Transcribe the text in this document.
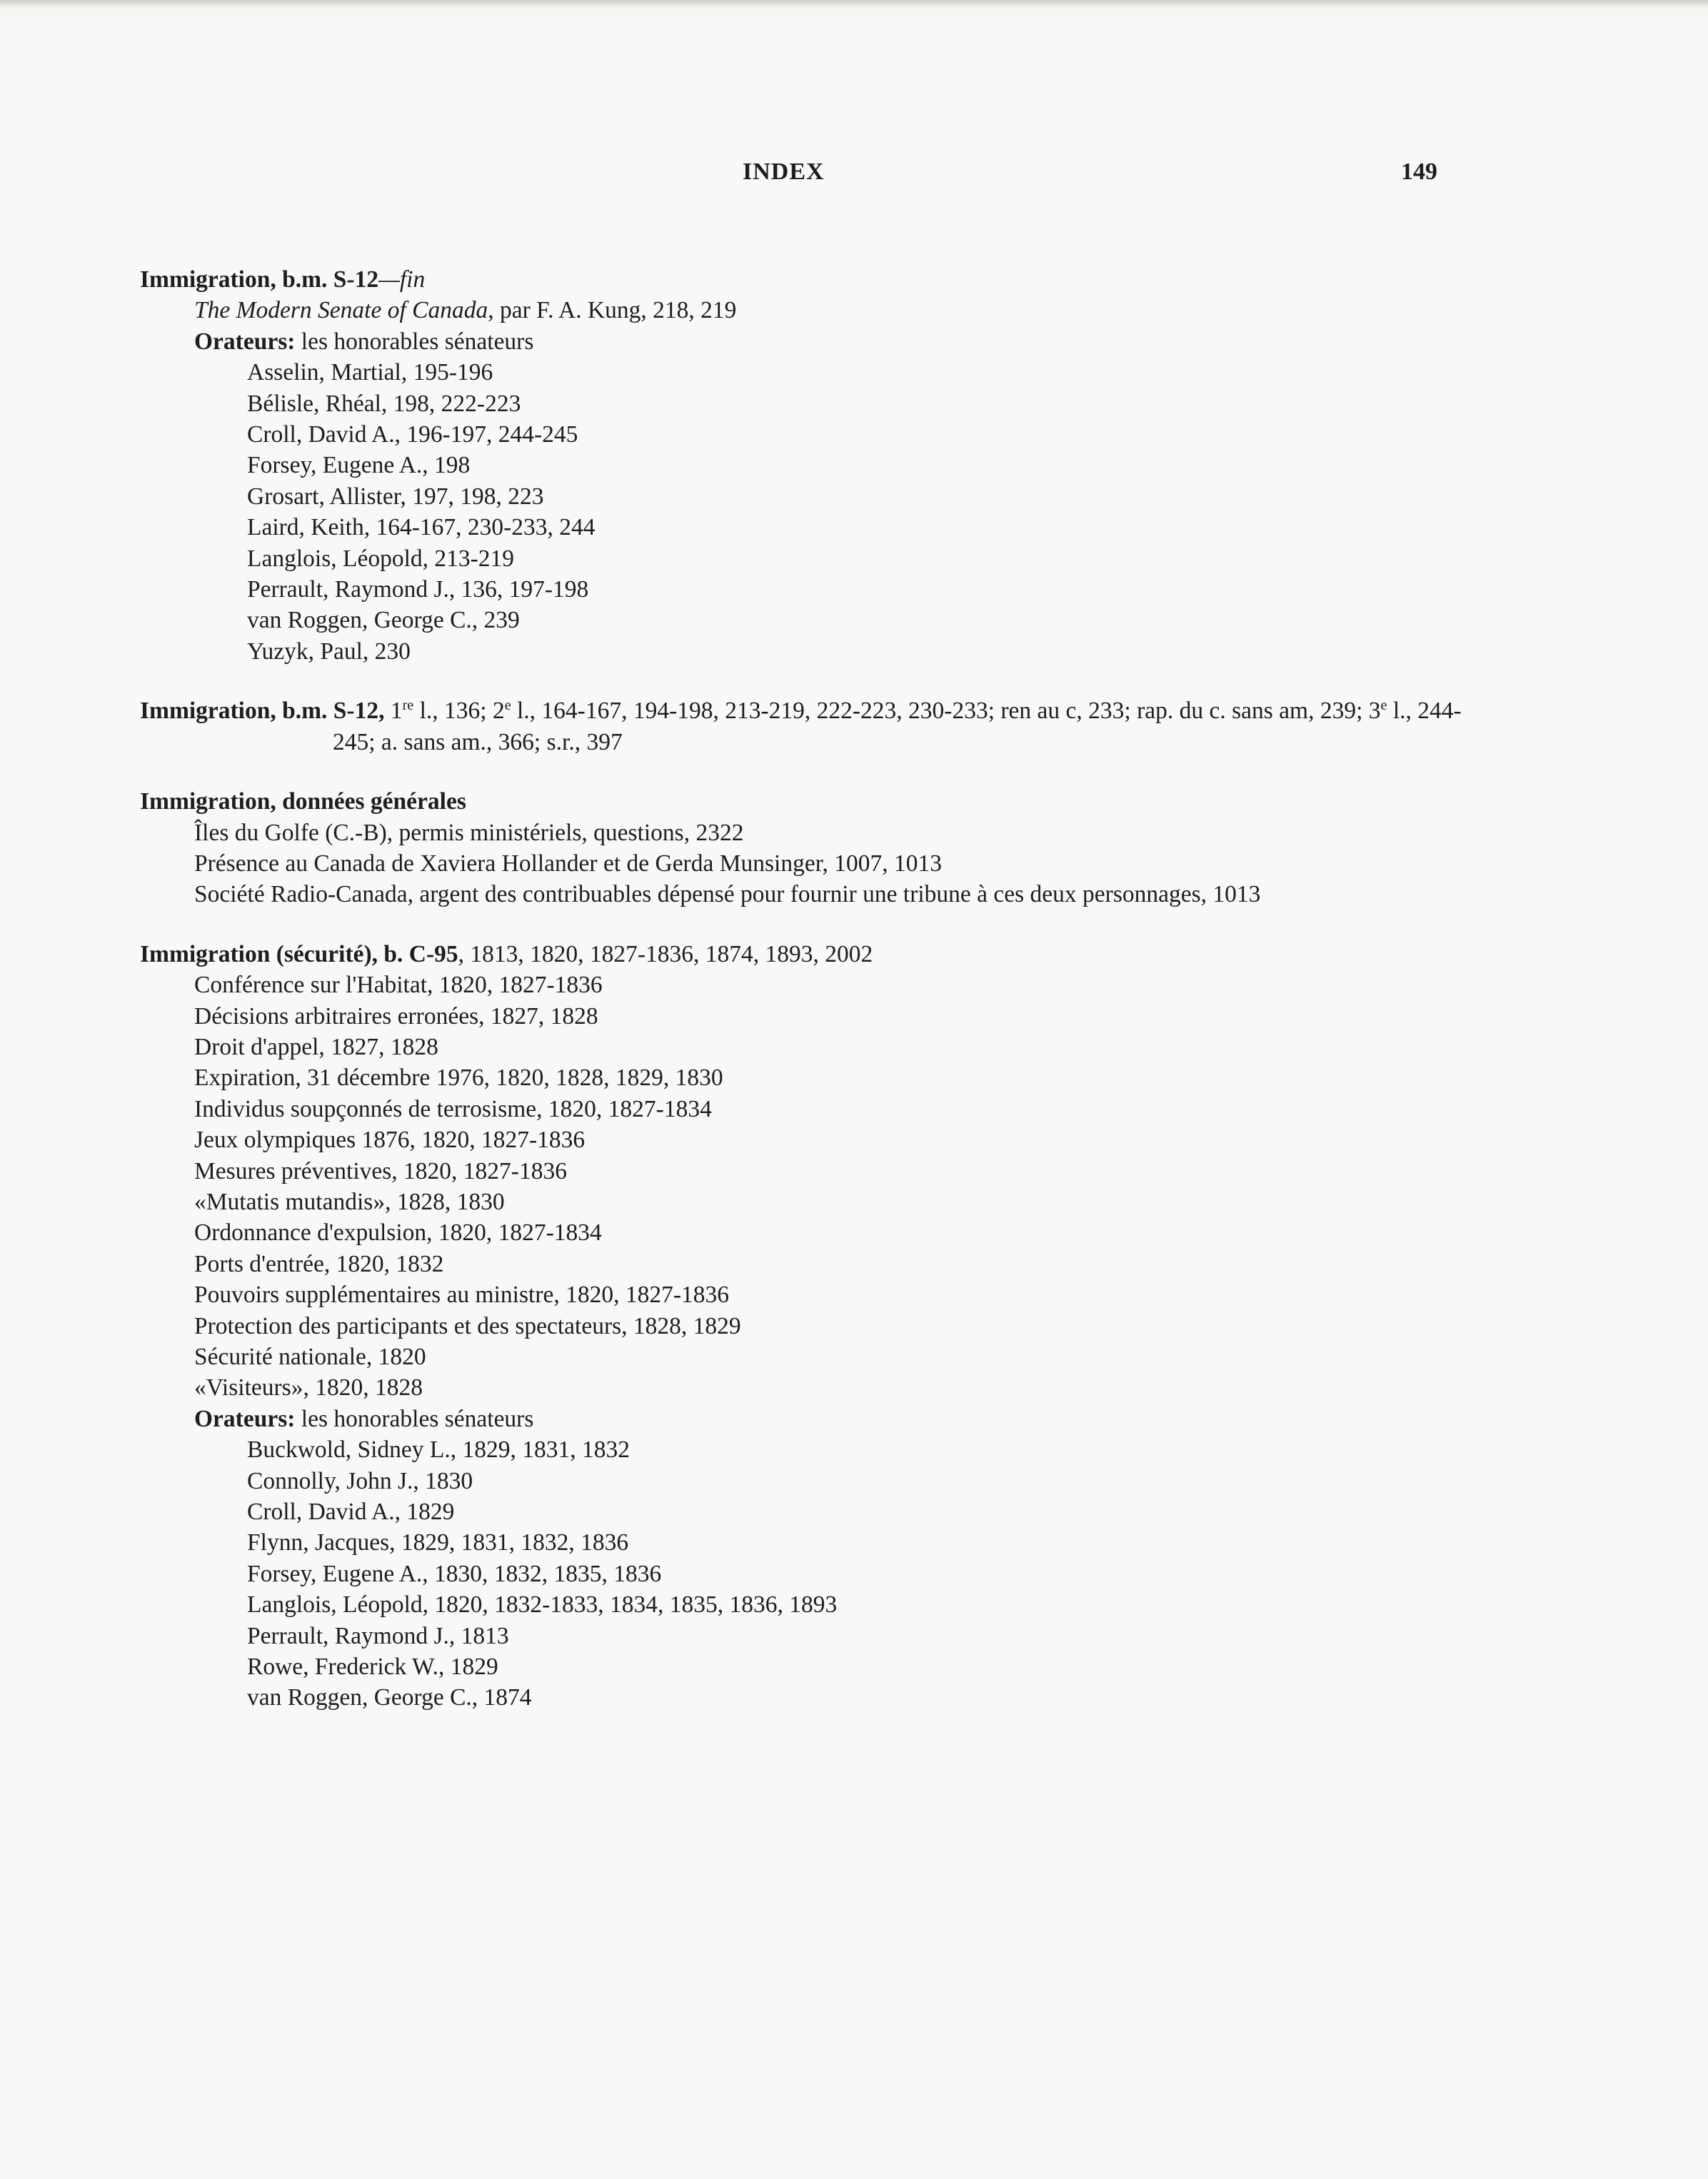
INDEX	149
Immigration, b.m. S-12—fin
The Modern Senate of Canada, par F. A. Kung, 218, 219
Orateurs: les honorables sénateurs
Asselin, Martial, 195-196
Bélisle, Rhéal, 198, 222-223
Croll, David A., 196-197, 244-245
Forsey, Eugene A., 198
Grosart, Allister, 197, 198, 223
Laird, Keith, 164-167, 230-233, 244
Langlois, Léopold, 213-219
Perrault, Raymond J., 136, 197-198
van Roggen, George C., 239
Yuzyk, Paul, 230
Immigration, b.m. S-12, 1re l., 136; 2e l., 164-167, 194-198, 213-219, 222-223, 230-233; ren au c, 233; rap. du c. sans am, 239; 3e l., 244-245; a. sans am., 366; s.r., 397
Immigration, données générales
Îles du Golfe (C.-B), permis ministériels, questions, 2322
Présence au Canada de Xaviera Hollander et de Gerda Munsinger, 1007, 1013
Société Radio-Canada, argent des contribuables dépensé pour fournir une tribune à ces deux personnages, 1013
Immigration (sécurité), b. C-95, 1813, 1820, 1827-1836, 1874, 1893, 2002
Conférence sur l'Habitat, 1820, 1827-1836
Décisions arbitraires erronées, 1827, 1828
Droit d'appel, 1827, 1828
Expiration, 31 décembre 1976, 1820, 1828, 1829, 1830
Individus soupçonnés de terrosisme, 1820, 1827-1834
Jeux olympiques 1876, 1820, 1827-1836
Mesures préventives, 1820, 1827-1836
«Mutatis mutandis», 1828, 1830
Ordonnance d'expulsion, 1820, 1827-1834
Ports d'entrée, 1820, 1832
Pouvoirs supplémentaires au ministre, 1820, 1827-1836
Protection des participants et des spectateurs, 1828, 1829
Sécurité nationale, 1820
«Visiteurs», 1820, 1828
Orateurs: les honorables sénateurs
Buckwold, Sidney L., 1829, 1831, 1832
Connolly, John J., 1830
Croll, David A., 1829
Flynn, Jacques, 1829, 1831, 1832, 1836
Forsey, Eugene A., 1830, 1832, 1835, 1836
Langlois, Léopold, 1820, 1832-1833, 1834, 1835, 1836, 1893
Perrault, Raymond J., 1813
Rowe, Frederick W., 1829
van Roggen, George C., 1874
